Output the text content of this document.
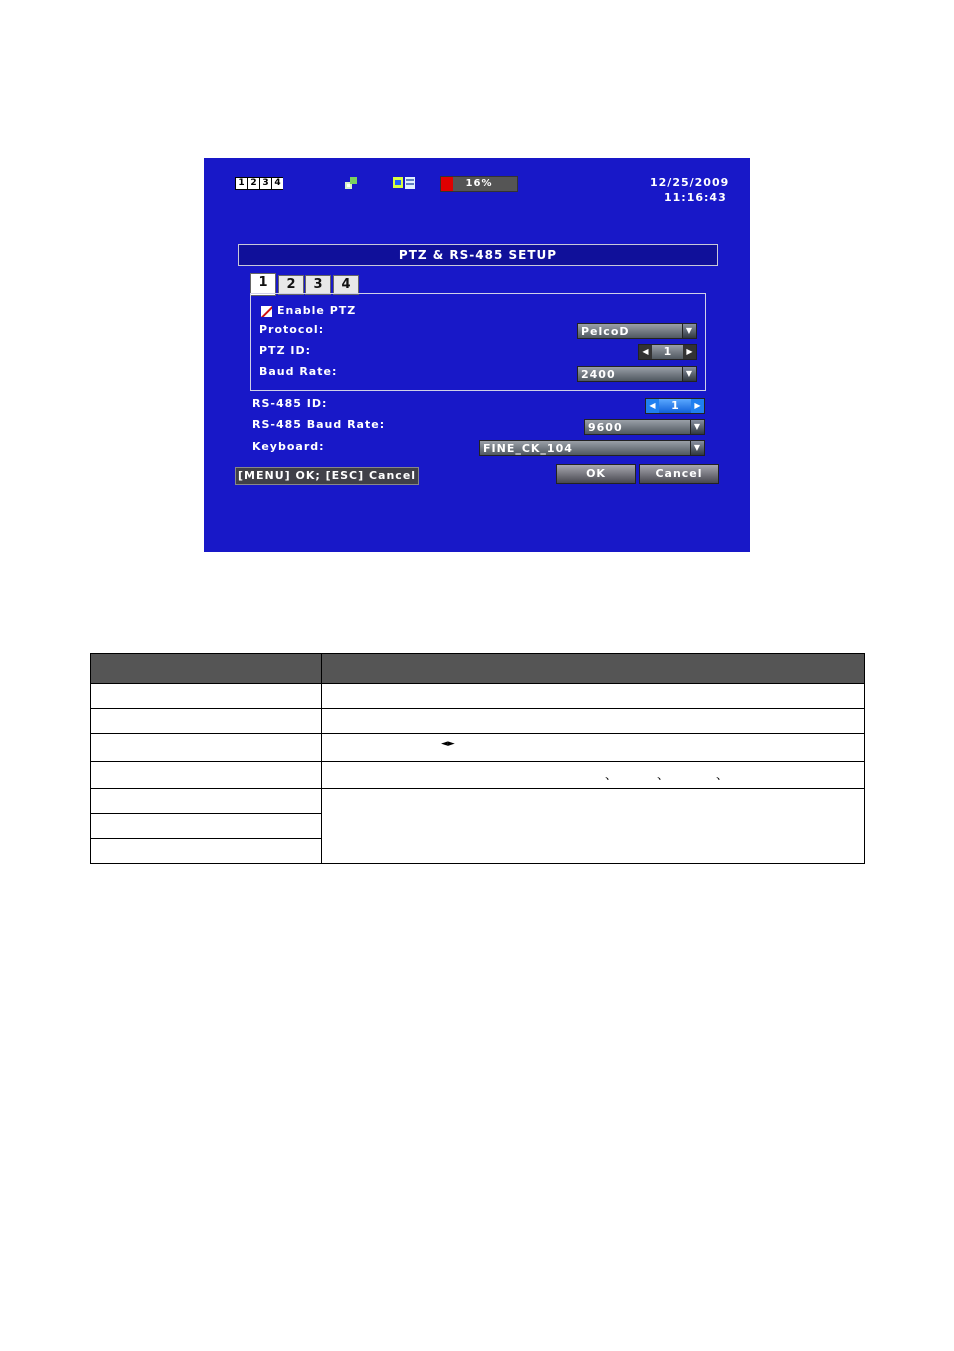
1 2 3 4	16%	12/25/2009
11:16:43
PTZ & RS-485 SETUP
1	2	3	4
Enable PTZ
Protocol:	PelcoD	▼
PTZ ID:	◀	1	▶
Baud Rate:	2400	▼
RS-485 ID:	◀	1	▶
RS-485 Baud Rate:	9600	▼
Keyboard:	FINE_CK_104	▼
[MENU] OK; [ESC] Cancel	OK	Cancel

	◄►

	、 、 、
